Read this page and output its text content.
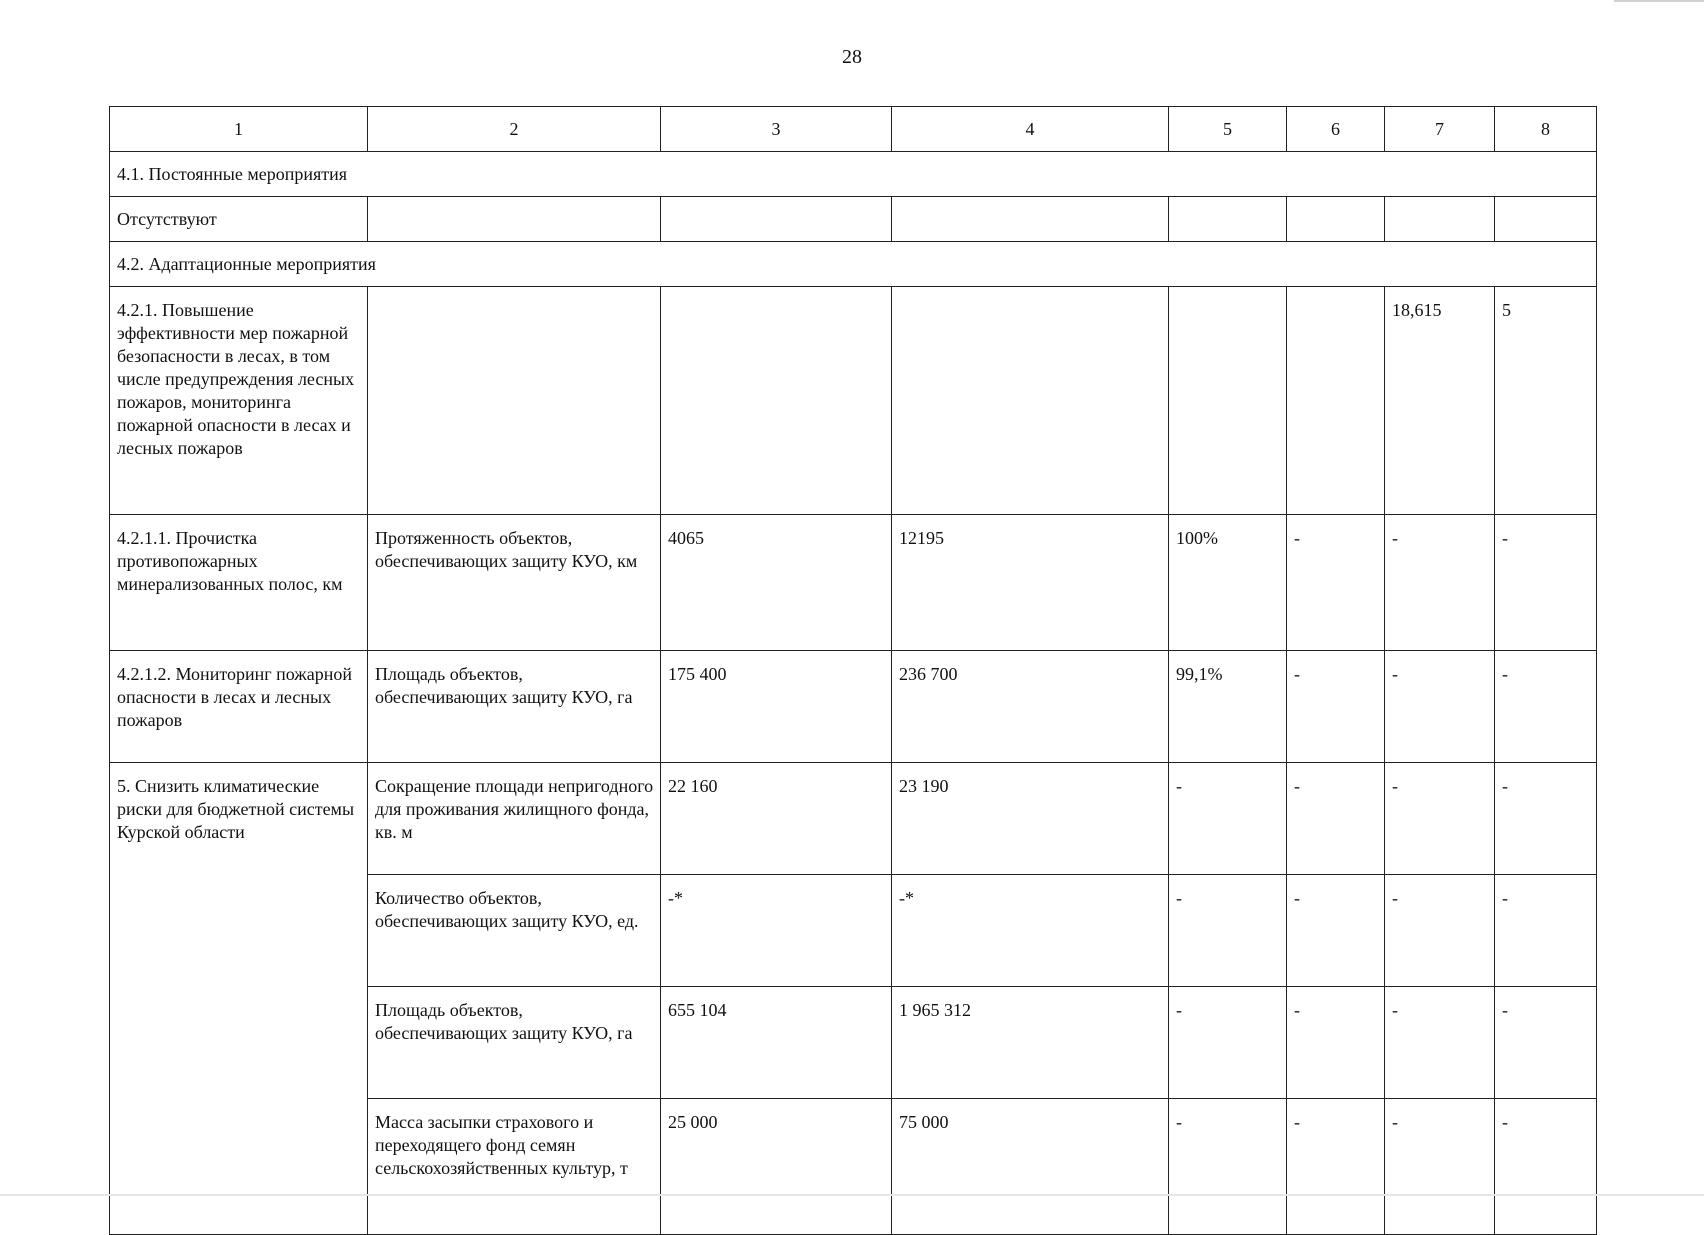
28
1	2	3	4	5	6	7	8
4.1. Постоянные мероприятия							
Отсутствуют							
4.2. Адаптационные мероприятия							
4.2.1. Повышение эффективности мер пожарной безопасности в лесах, в том числе предупреждения лесных пожаров, мониторинга пожарной опасности в лесах и лесных пожаров						18,615	5
4.2.1.1. Прочистка противопожарных минерализованных полос, км	Протяженность объектов, обеспечивающих защиту КУО, км	4065	12195	100%	-	-	-
4.2.1.2. Мониторинг пожарной опасности в лесах и лесных пожаров	Площадь объектов, обеспечивающих защиту КУО, га	175 400	236 700	99,1%	-	-	-
5. Снизить климатические риски для бюджетной системы Курской области	Сокращение площади непригодного для проживания жилищного фонда, кв. м	22 160	23 190	-	-	-	-
	Количество объектов, обеспечивающих защиту КУО, ед.	-*	-*	-	-	-	-
	Площадь объектов, обеспечивающих защиту КУО, га	655 104	1 965 312	-	-	-	-
	Масса засыпки страхового и переходящего фонд семян сельскохозяйственных культур, т	25 000	75 000	-	-	-	-
